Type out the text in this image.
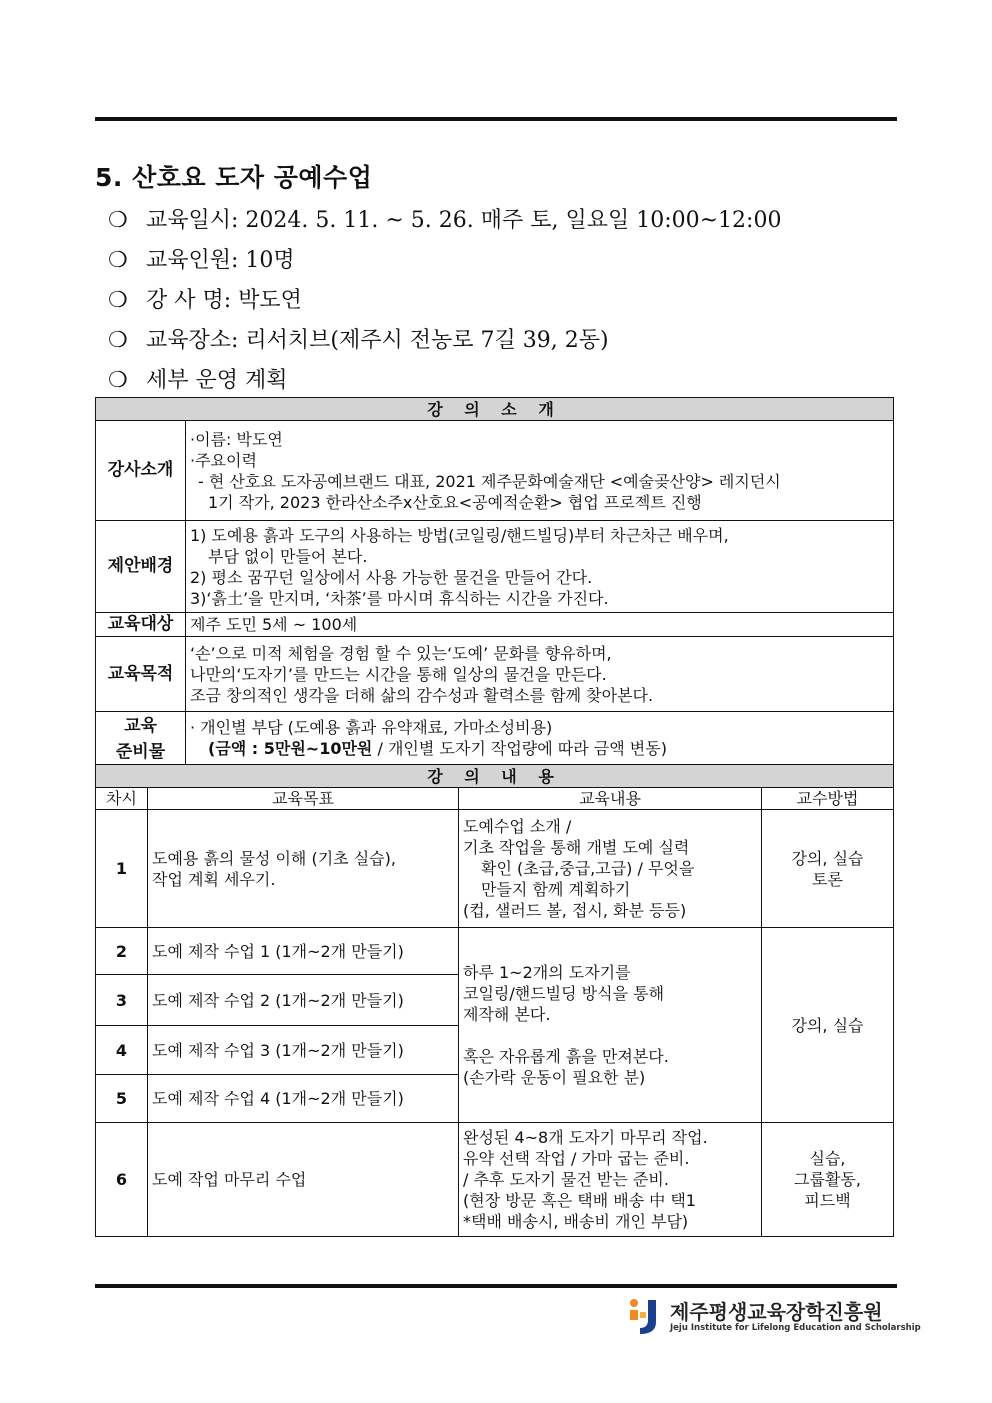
5. 산호요 도자 공예수업
❍ 교육일시: 2024. 5. 11. ~ 5. 26. 매주 토, 일요일 10:00~12:00
❍ 교육인원: 10명
❍ 강 사 명: 박도연
❍ 교육장소: 리서치브(제주시 전농로 7길 39, 2동)
❍ 세부 운영 계획
강 의 소 개				
강사소개		·이름: 박도연
·주요이력
- 현 산호요 도자공예브랜드 대표, 2021 제주문화예술재단 <예술곶산양> 레지던시
1기 작가, 2023 한라산소주x산호요<공예적순환> 협업 프로젝트 진행		

제안배경		1) 도예용 흙과 도구의 사용하는 방법(코일링/핸드빌딩)부터 차근차근 배우며,
부담 없이 만들어 본다.
2) 평소 꿈꾸던 일상에서 사용 가능한 물건을 만들어 간다.
3)‘흙土’을 만지며, ‘차茶’를 마시며 휴식하는 시간을 가진다.		

교육대상		제주 도민 5세 ~ 100세		
교육목적		‘손’으로 미적 체험을 경험 할 수 있는‘도예’ 문화를 향유하며,
나만의‘도자기’를 만드는 시간을 통해 일상의 물건을 만든다.
조금 창의적인 생각을 더해 삶의 감수성과 활력소를 함께 찾아본다.		

교육
준비물		· 개인별 부담 (도예용 흙과 유약재료, 가마소성비용)
(금액 : 5만원~10만원 / 개인별 도자기 작업량에 따라 금액 변동)		

강 의 내 용				
차시	교육목표		교육내용	교수방법
1	도예용 흙의 물성 이해 (기초 실습),
작업 계획 세우기.		도예수업 소개 /
기초 작업을 통해 개별 도예 실력
확인 (초급,중급,고급) / 무엇을
만들지 함께 계획하기
(컵, 샐러드 볼, 접시, 화분 등등)	강의, 실습
토론

2	도예 제작 수업 1 (1개~2개 만들기)		하루 1~2개의 도자기를
코일링/핸드빌딩 방식을 통해
제작해 본다.
혹은 자유롭게 흙을 만져본다.
(손가락 운동이 필요한 분)	강의, 실습
3	도예 제작 수업 2 (1개~2개 만들기)			
4	도예 제작 수업 3 (1개~2개 만들기)			
5	도예 제작 수업 4 (1개~2개 만들기)			
6	도예 작업 마무리 수업		완성된 4~8개 도자기 마무리 작업.
유약 선택 작업 / 가마 굽는 준비.
/ 추후 도자기 물건 받는 준비.
(현장 방문 혹은 택배 배송 中 택1
*택배 배송시, 배송비 개인 부담)	실습,
그룹활동,
피드백
제주평생교육장학진흥원
Jeju Institute for Lifelong Education and Scholarship
